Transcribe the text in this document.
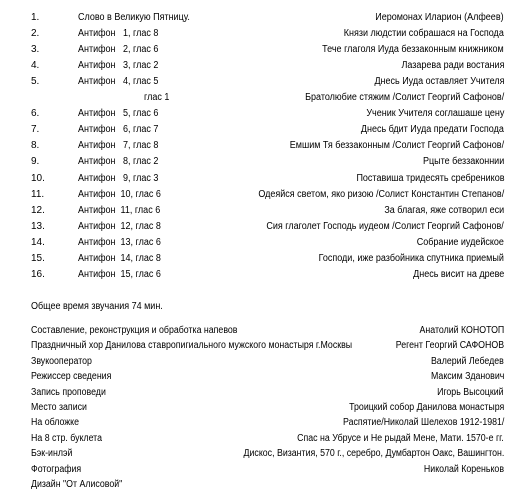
1.	Слово в Великую Пятницу.	Иеромонах Иларион (Алфеев)
2.	Антифон   1, глас 8	Князи людстии собрашася на Господа
3.	Антифон   2, глас 6	Тече глаголя Иуда беззаконным книжником
4.	Антифон   3, глас 2	Лазарева ради востания
5.	Антифон   4, глас 5	Днесь Иуда оставляет Учителя
глас 1	Братолюбие стяжим /Солист Георгий Сафонов/
6.	Антифон   5, глас 6	Ученик Учителя соглашаше цену
7.	Антифон   6, глас 7	Днесь бдит Иуда предати Господа
8.	Антифон   7, глас 8	Емшим Тя беззаконным /Солист Георгий Сафонов/
9.	Антифон   8, глас 2	Рцыте беззаконнии
10.	Антифон   9, глас 3	Поставиша тридесять сребреников
11.	Антифон  10, глас 6	Одеяйся светом, яко ризою /Солист Константин Степанов/
12.	Антифон  11, глас 6	За благая, яже сотворил еси
13.	Антифон  12, глас 8	Сия глаголет Господь иудеом /Солист Георгий Сафонов/
14.	Антифон  13, глас 6	Собрание иудейское
15.	Антифон  14, глас 8	Господи, иже разбойника спутника приемый
16.	Антифон  15, глас 6	Днесь висит на древе
Общее время звучания 74 мин.
Составление, реконструкция и обработка напевов	Анатолий КОНОТОП
Праздничный хор Данилова ставропигиального мужского монастыря г.Москвы	Регент Георгий САФОНОВ
Звукооператор	Валерий Лебедев
Режиссер сведения	Максим Зданович
Запись проповеди	Игорь Высоцкий
Место записи	Троицкий собор Данилова монастыря
На обложке	Распятие/Николай Шелехов 1912-1981/
На 8 стр. буклета	Спас на Убрусе и Не рыдай Мене, Мати. 1570-е гг.
Бэк-инлэй	Дискос, Византия, 570 г., серебро, Думбартон Оакс, Вашингтон.
Фотография	Николай Кореньков
Дизайн "От Алисовой"
